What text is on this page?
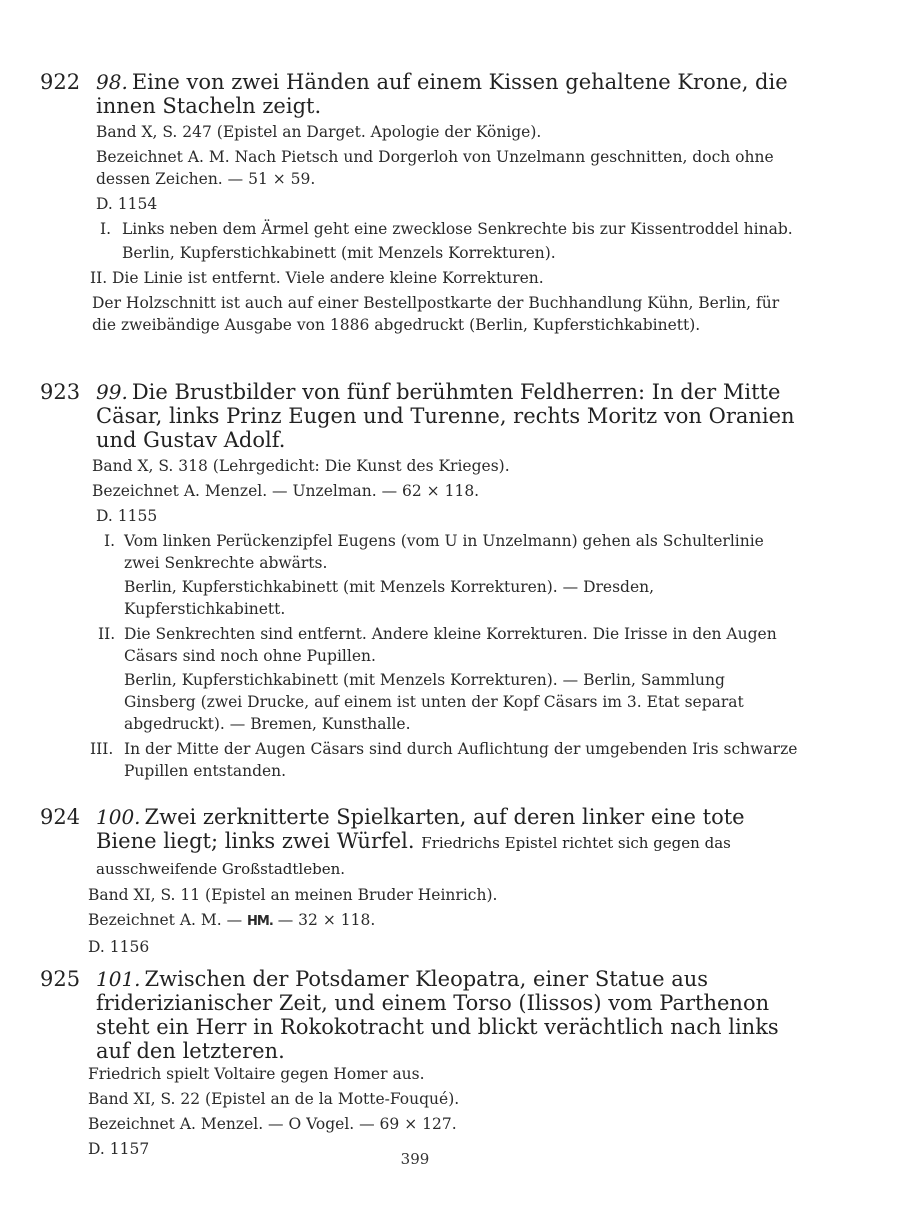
922 98. Eine von zwei Händen auf einem Kissen gehaltene Krone, die innen Stacheln zeigt.
Band X, S. 247 (Epistel an Darget. Apologie der Könige).
Bezeichnet A. M. Nach Pietsch und Dorgerloh von Unzelmann geschnitten, doch ohne dessen Zeichen. — 51 × 59.
D. 1154
I. Links neben dem Ärmel geht eine zwecklose Senkrechte bis zur Kissentroddel hinab.
Berlin, Kupferstichkabinett (mit Menzels Korrekturen).
II. Die Linie ist entfernt. Viele andere kleine Korrekturen.
Der Holzschnitt ist auch auf einer Bestellpostkarte der Buchhandlung Kühn, Berlin, für die zweibändige Ausgabe von 1886 abgedruckt (Berlin, Kupferstichkabinett).
923 99. Die Brustbilder von fünf berühmten Feldherren: In der Mitte Cäsar, links Prinz Eugen und Turenne, rechts Moritz von Oranien und Gustav Adolf.
Band X, S. 318 (Lehrgedicht: Die Kunst des Krieges).
Bezeichnet A. Menzel. — Unzelman. — 62 × 118.
D. 1155
I. Vom linken Perückenzipfel Eugens (vom U in Unzelmann) gehen als Schulterlinie zwei Senkrechte abwärts.
Berlin, Kupferstichkabinett (mit Menzels Korrekturen). — Dresden, Kupferstichkabinett.
II. Die Senkrechten sind entfernt. Andere kleine Korrekturen. Die Irisse in den Augen Cäsars sind noch ohne Pupillen.
Berlin, Kupferstichkabinett (mit Menzels Korrekturen). — Berlin, Sammlung Ginsberg (zwei Drucke, auf einem ist unten der Kopf Cäsars im 3. Etat separat abgedruckt). — Bremen, Kunsthalle.
III. In der Mitte der Augen Cäsars sind durch Auflichtung der umgebenden Iris schwarze Pupillen entstanden.
924 100. Zwei zerknitterte Spielkarten, auf deren linker eine tote Biene liegt; links zwei Würfel. Friedrichs Epistel richtet sich gegen das ausschweifende Großstadtleben.
Band XI, S. 11 (Epistel an meinen Bruder Heinrich).
Bezeichnet A. M. — HM. — 32 × 118.
D. 1156
925 101. Zwischen der Potsdamer Kleopatra, einer Statue aus friderizianischer Zeit, und einem Torso (Ilissos) vom Parthenon steht ein Herr in Rokokotracht und blickt verächtlich nach links auf den letzteren.
Friedrich spielt Voltaire gegen Homer aus.
Band XI, S. 22 (Epistel an de la Motte-Fouqué).
Bezeichnet A. Menzel. — O Vogel. — 69 × 127.
D. 1157
399
